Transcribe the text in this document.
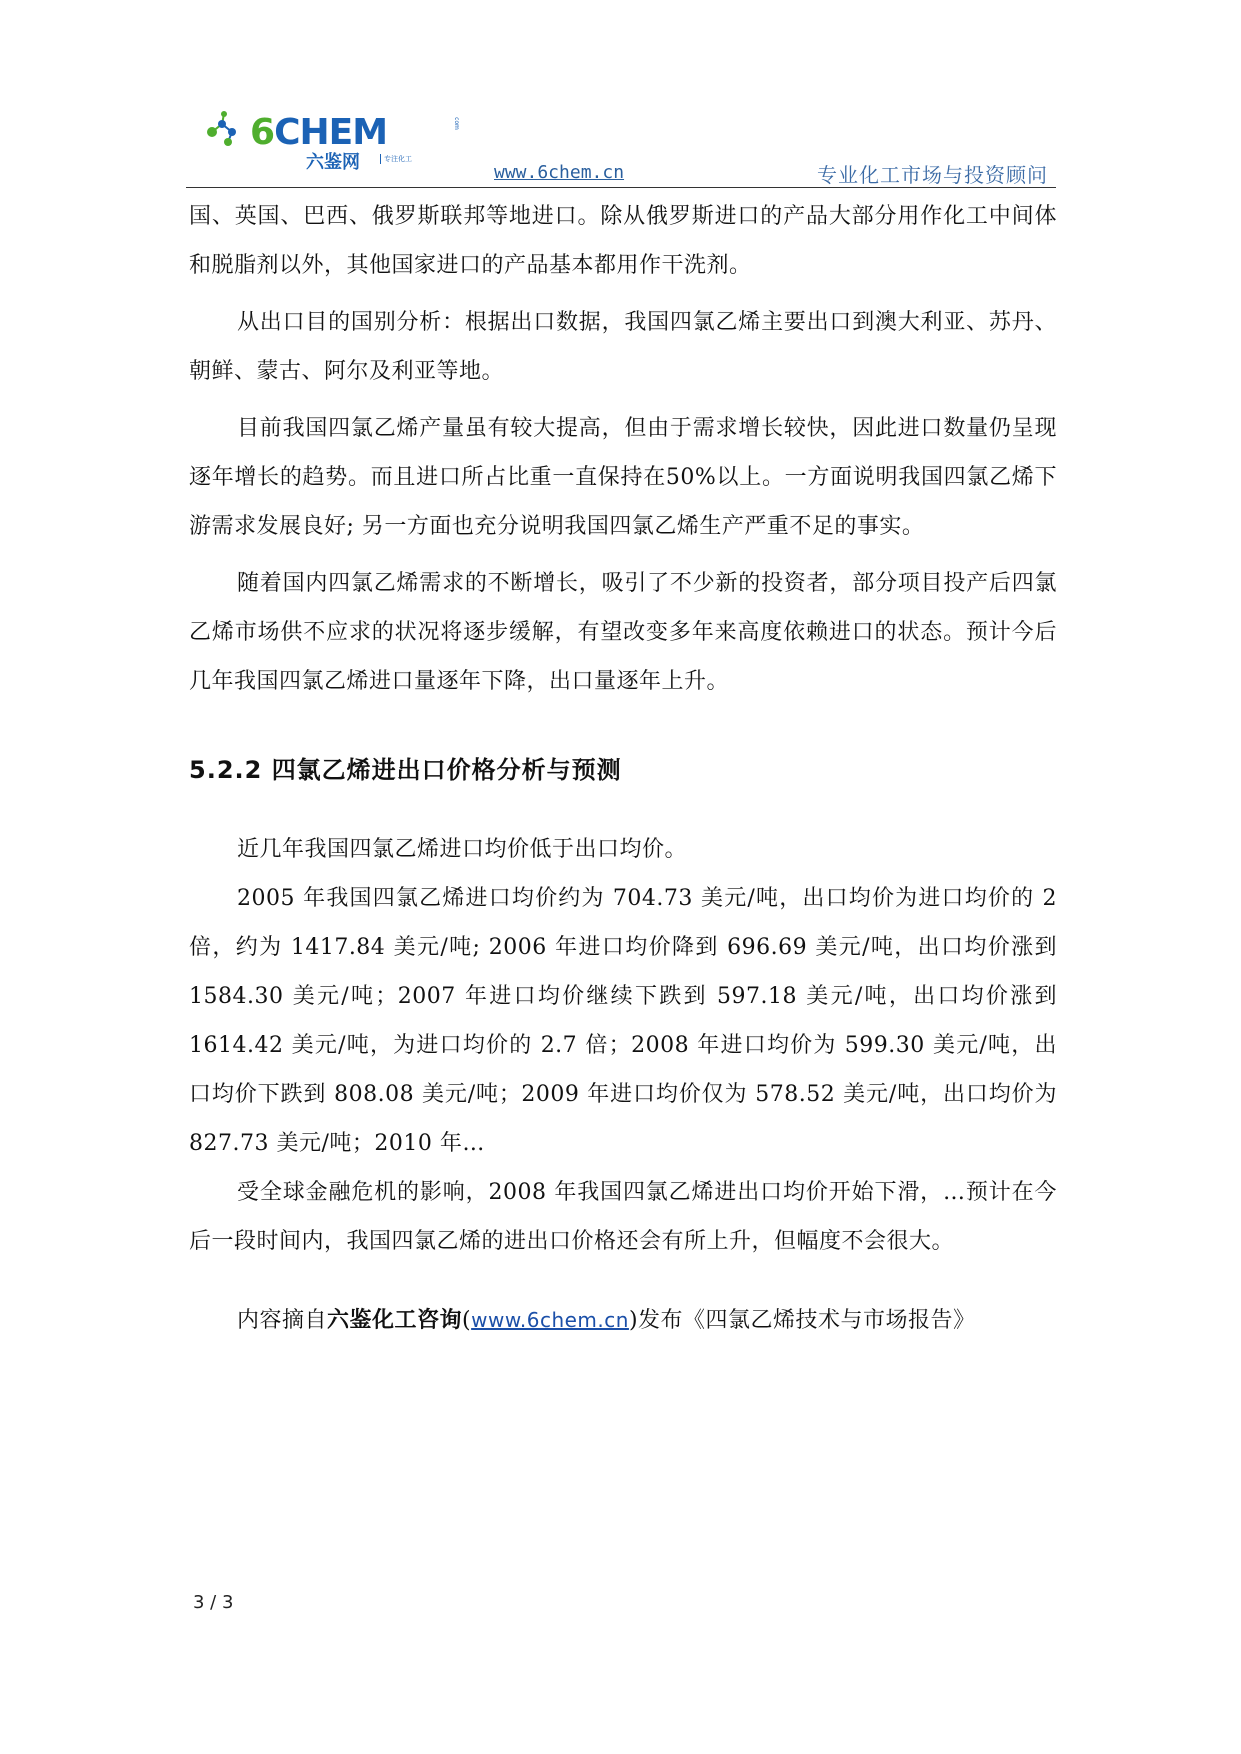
6CHEM
六鉴网	专注化工
com
www.6chem.cn	专业化工市场与投资顾问

国、英国、巴西、俄罗斯联邦等地进口。除从俄罗斯进口的产品大部分用作化工中间体和脱脂剂以外，其他国家进口的产品基本都用作干洗剂。

从出口目的国别分析：根据出口数据，我国四氯乙烯主要出口到澳大利亚、苏丹、朝鲜、蒙古、阿尔及利亚等地。

目前我国四氯乙烯产量虽有较大提高，但由于需求增长较快，因此进口数量仍呈现逐年增长的趋势。而且进口所占比重一直保持在50%以上。一方面说明我国四氯乙烯下游需求发展良好; 另一方面也充分说明我国四氯乙烯生产严重不足的事实。

随着国内四氯乙烯需求的不断增长，吸引了不少新的投资者，部分项目投产后四氯乙烯市场供不应求的状况将逐步缓解，有望改变多年来高度依赖进口的状态。预计今后几年我国四氯乙烯进口量逐年下降，出口量逐年上升。

5.2.2 四氯乙烯进出口价格分析与预测

近几年我国四氯乙烯进口均价低于出口均价。

2005 年我国四氯乙烯进口均价约为 704.73 美元/吨，出口均价为进口均价的 2 倍，约为 1417.84 美元/吨; 2006 年进口均价降到 696.69 美元/吨，出口均价涨到 1584.30 美元/吨；2007 年进口均价继续下跌到 597.18 美元/吨，出口均价涨到 1614.42 美元/吨，为进口均价的 2.7 倍；2008 年进口均价为 599.30 美元/吨，出口均价下跌到 808.08 美元/吨；2009 年进口均价仅为 578.52 美元/吨，出口均价为 827.73 美元/吨；2010 年…

受全球金融危机的影响，2008 年我国四氯乙烯进出口均价开始下滑，…预计在今后一段时间内，我国四氯乙烯的进出口价格还会有所上升，但幅度不会很大。

内容摘自六鉴化工咨询(www.6chem.cn)发布《四氯乙烯技术与市场报告》

3 / 3
